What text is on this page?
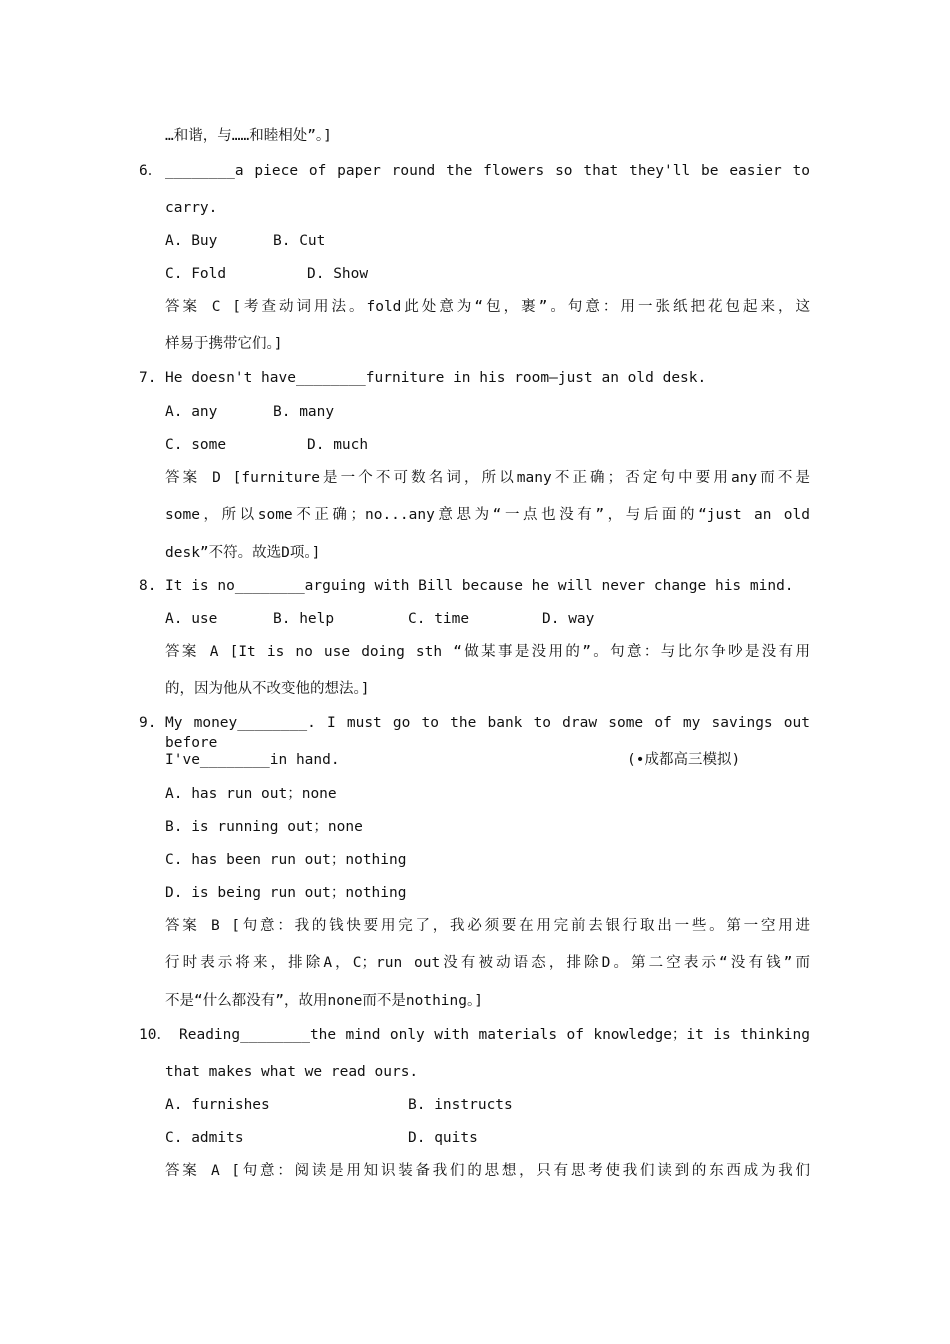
…和谐，与……和睦相处”。]
6． ________a piece of paper round the flowers so that they'll be easier to
carry.
A. Buy	B. Cut
C. Fold	D. Show
答案 C [考查动词用法。fold此处意为“包，裹”。句意：用一张纸把花包起来，这
样易于携带它们。]
7. He doesn't have________furniture in his room—just an old desk.
A. any	B. many
C. some	D. much
答案 D [furniture是一个不可数名词，所以many不正确；否定句中要用any而不是
some，所以some不正确；no...any意思为“一点也没有”，与后面的“just an old
desk”不符。故选D项。]
8. It is no________arguing with Bill because he will never change his mind.
A. use	B. help	C. time	D. way
答案 A [It is no use doing sth “做某事是没用的”。句意：与比尔争吵是没有用
的，因为他从不改变他的想法。]
9. My money________. I must go to the bank to draw some of my savings out before
I've________in hand.	(•成都高三模拟)
A. has run out；none
B. is running out；none
C. has been run out；nothing
D. is being run out；nothing
答案 B [句意：我的钱快要用完了，我必须要在用完前去银行取出一些。第一空用进
行时表示将来，排除A，C；run out没有被动语态，排除D。第二空表示“没有钱”而
不是“什么都没有”，故用none而不是nothing。]
10． Reading________the mind only with materials of knowledge；it is thinking
that makes what we read ours.
A. furnishes	B. instructs
C. admits	D. quits
答案 A [句意：阅读是用知识装备我们的思想，只有思考使我们读到的东西成为我们
